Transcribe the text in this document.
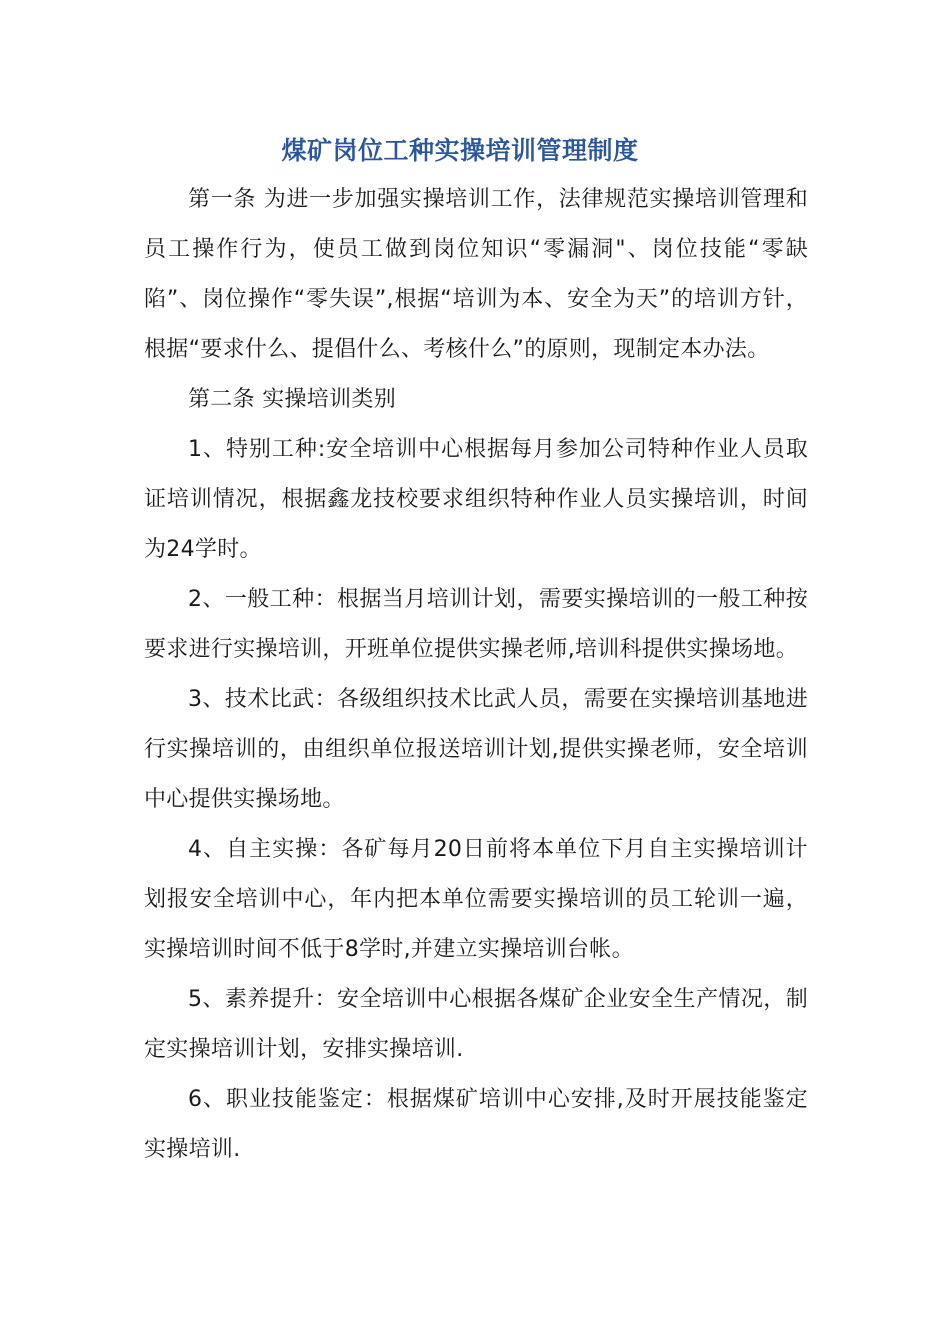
煤矿岗位工种实操培训管理制度

第一条 为进一步加强实操培训工作，法律规范实操培训管理和员工操作行为，使员工做到岗位知识“零漏洞"、岗位技能“零缺陷”、岗位操作“零失误”,根据“培训为本、安全为天”的培训方针，根据“要求什么、提倡什么、考核什么”的原则，现制定本办法。

第二条 实操培训类别

1、特别工种:安全培训中心根据每月参加公司特种作业人员取证培训情况，根据鑫龙技校要求组织特种作业人员实操培训，时间为24学时。

2、一般工种：根据当月培训计划，需要实操培训的一般工种按要求进行实操培训，开班单位提供实操老师,培训科提供实操场地。

3、技术比武：各级组织技术比武人员，需要在实操培训基地进行实操培训的，由组织单位报送培训计划,提供实操老师，安全培训中心提供实操场地。

4、自主实操：各矿每月20日前将本单位下月自主实操培训计划报安全培训中心，年内把本单位需要实操培训的员工轮训一遍，实操培训时间不低于8学时,并建立实操培训台帐。

5、素养提升：安全培训中心根据各煤矿企业安全生产情况，制定实操培训计划，安排实操培训.

6、职业技能鉴定：根据煤矿培训中心安排,及时开展技能鉴定实操培训.
